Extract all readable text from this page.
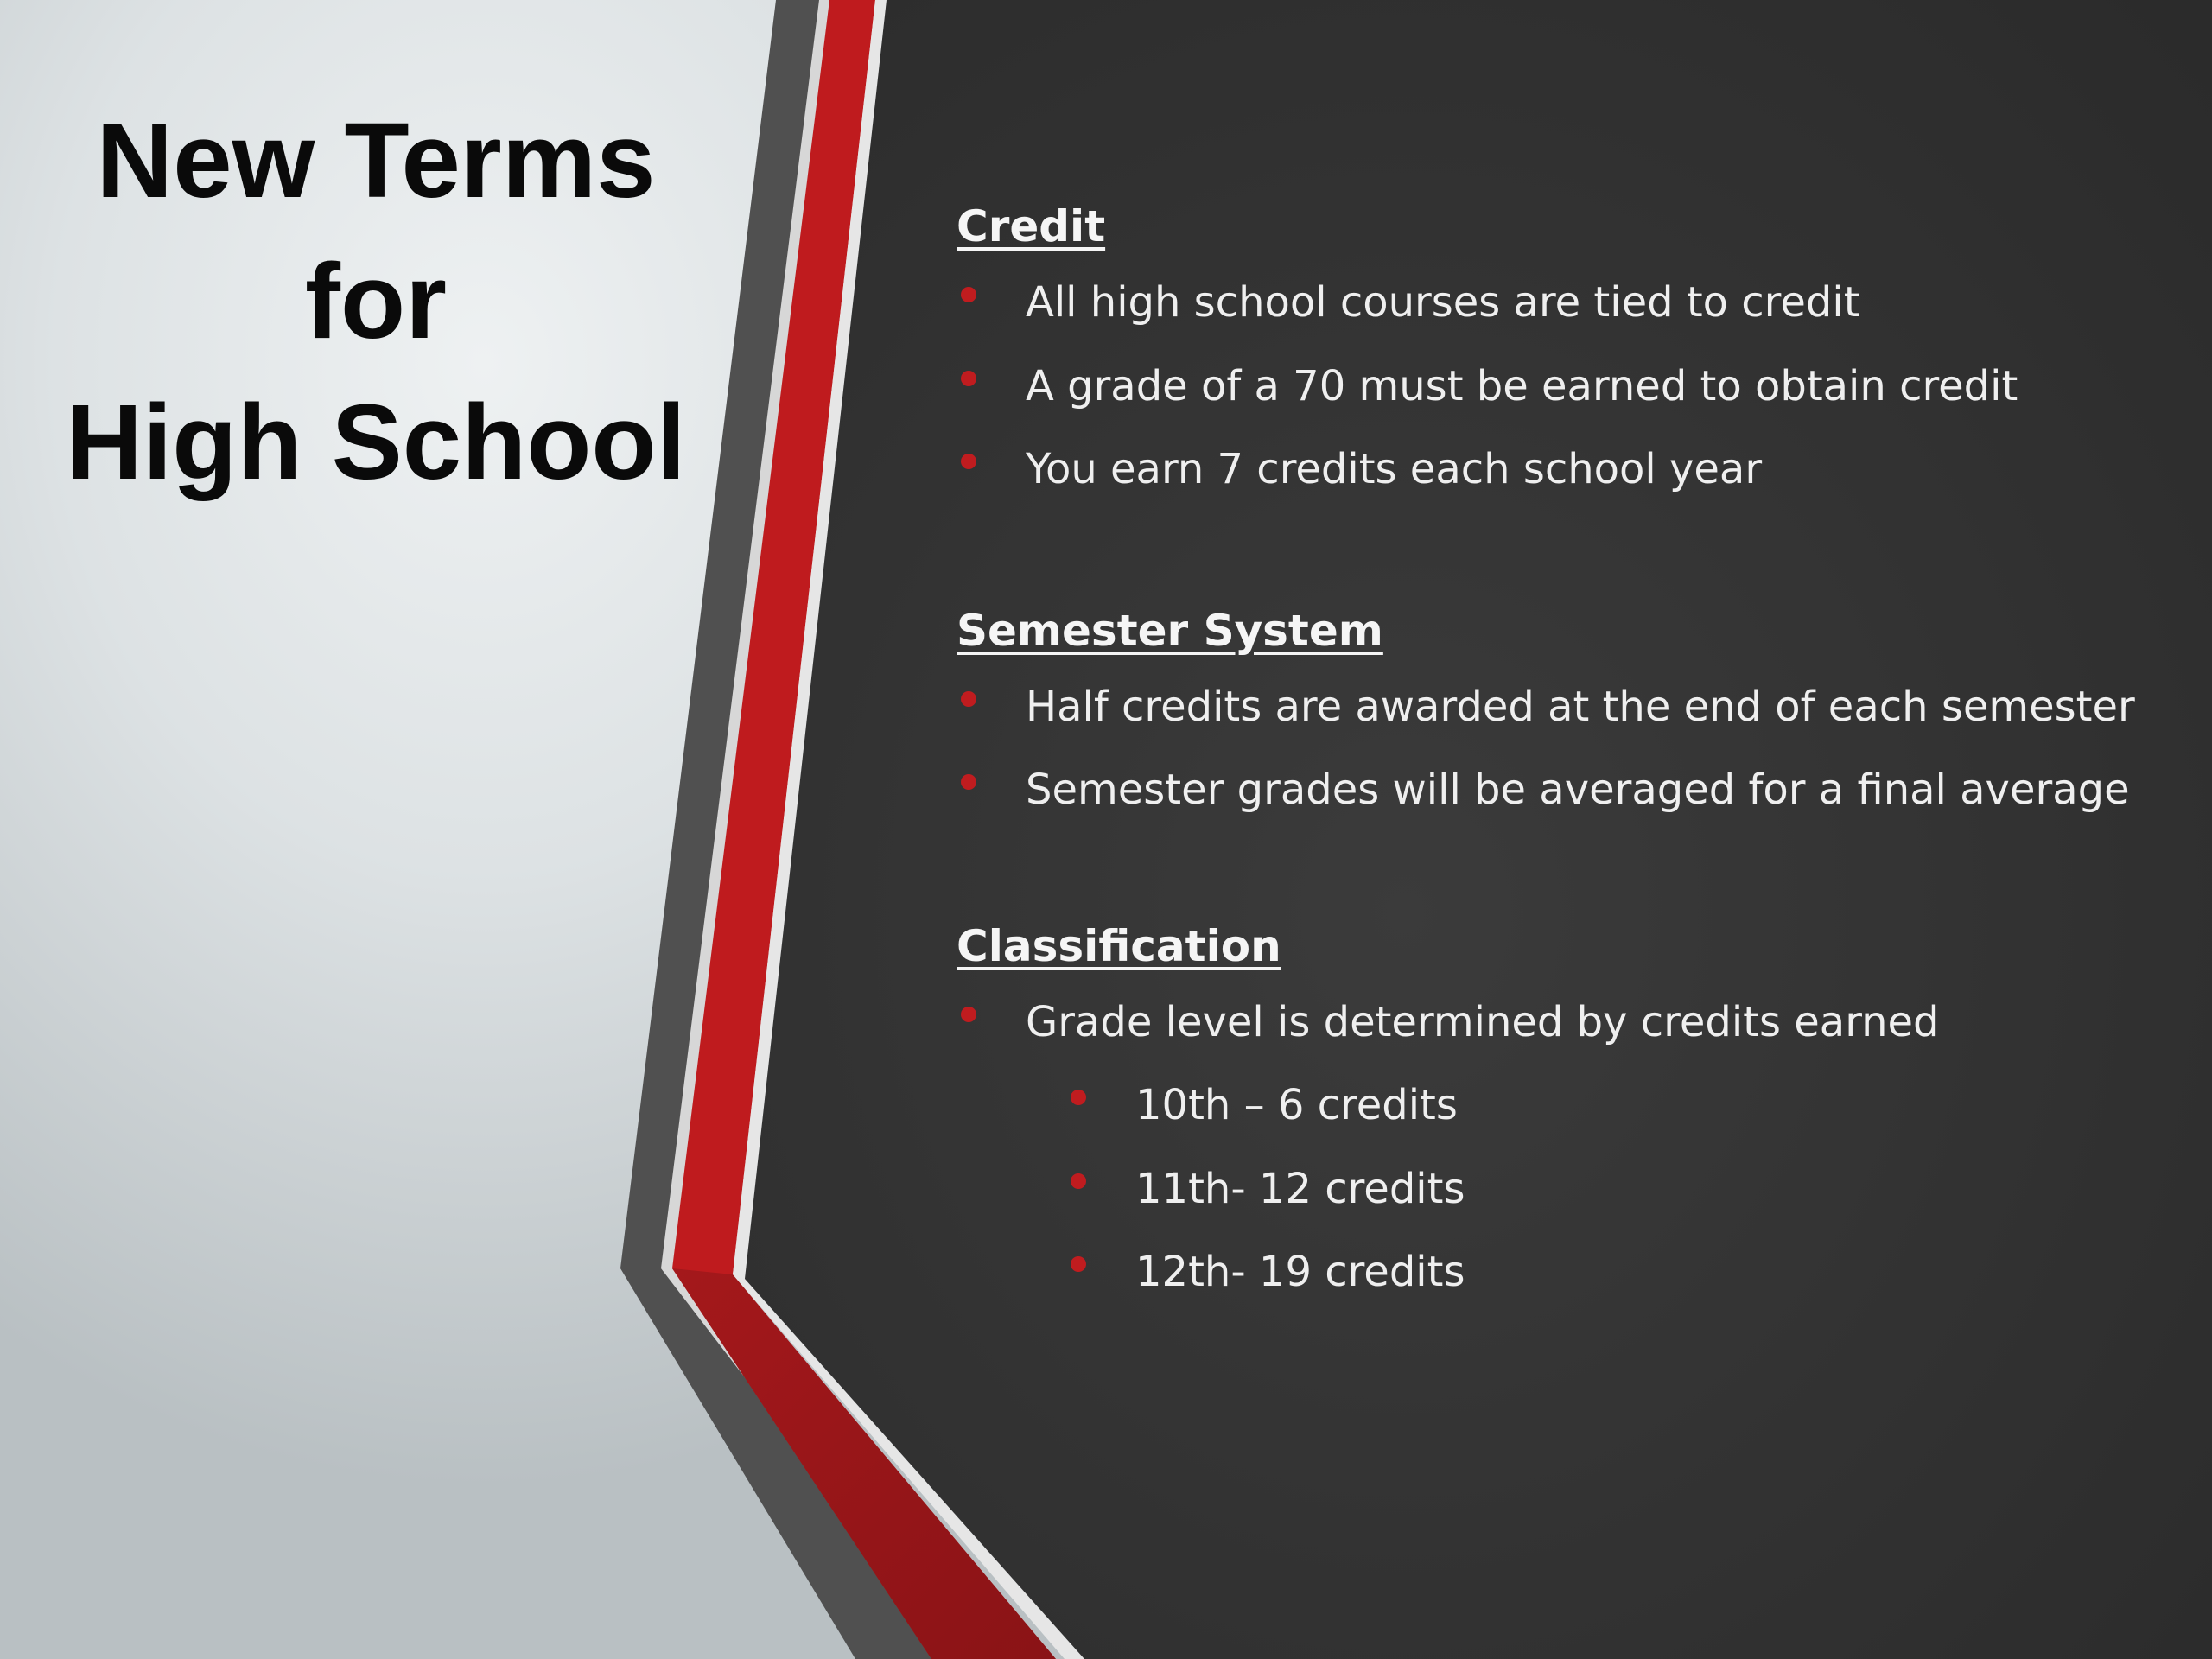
New Terms
for
High School
Credit
All high school courses are tied to credit
A grade of a 70 must be earned to obtain credit
You earn 7 credits each school year
Semester System
Half credits are awarded at the end of each semester
Semester grades will be averaged for a final average
Classification
Grade level is determined by credits earned
10th – 6 credits
11th- 12 credits
12th- 19 credits
